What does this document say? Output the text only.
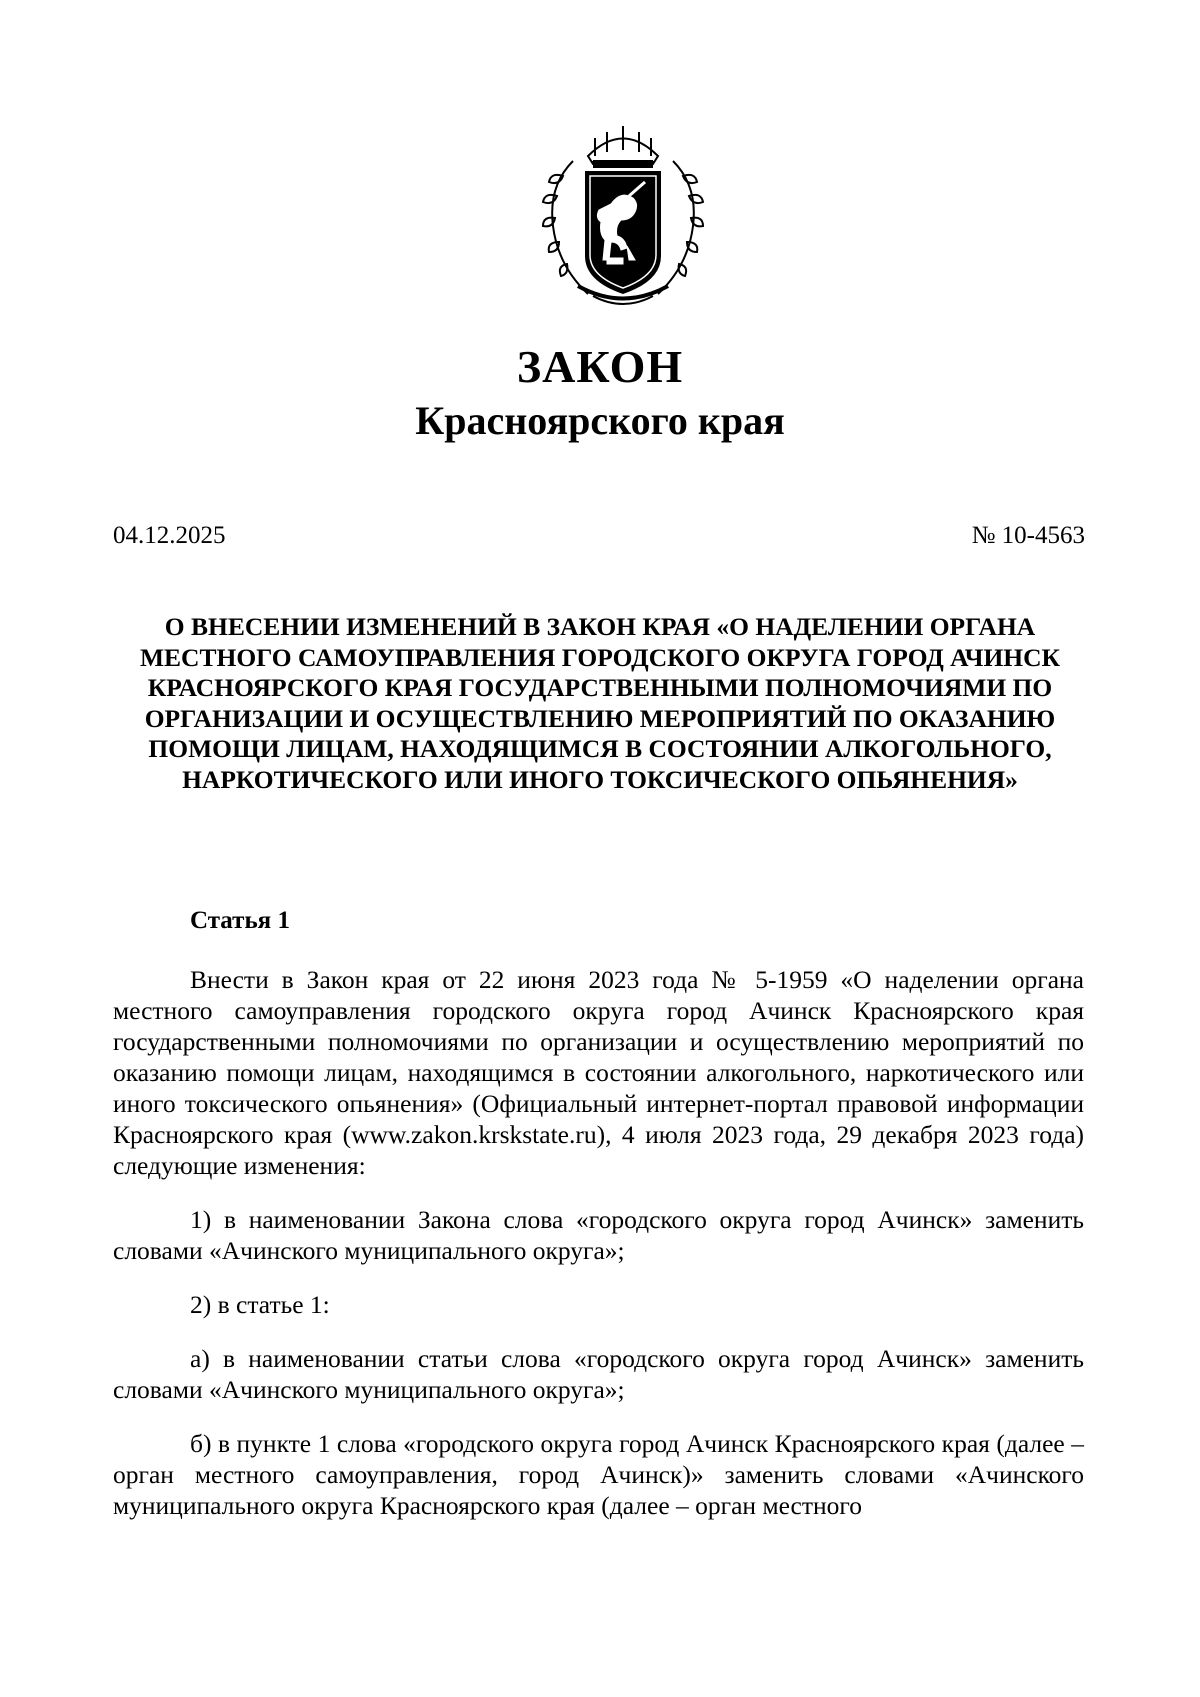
ЗАКОН
Красноярского края
04.12.2025	№ 10-4563
О ВНЕСЕНИИ ИЗМЕНЕНИЙ В ЗАКОН КРАЯ «О НАДЕЛЕНИИ ОРГАНА МЕСТНОГО САМОУПРАВЛЕНИЯ ГОРОДСКОГО ОКРУГА ГОРОД АЧИНСК КРАСНОЯРСКОГО КРАЯ ГОСУДАРСТВЕННЫМИ ПОЛНОМОЧИЯМИ ПО ОРГАНИЗАЦИИ И ОСУЩЕСТВЛЕНИЮ МЕРОПРИЯТИЙ ПО ОКАЗАНИЮ ПОМОЩИ ЛИЦАМ, НАХОДЯЩИМСЯ В СОСТОЯНИИ АЛКОГОЛЬНОГО, НАРКОТИЧЕСКОГО ИЛИ ИНОГО ТОКСИЧЕСКОГО ОПЬЯНЕНИЯ»
Статья 1

Внести в Закон края от 22 июня 2023 года № 5-1959 «О наделении органа местного самоуправления городского округа город Ачинск Красноярского края государственными полномочиями по организации и осуществлению мероприятий по оказанию помощи лицам, находящимся в состоянии алкогольного, наркотического или иного токсического опьянения» (Официальный интернет-портал правовой информации Красноярского края (www.zakon.krskstate.ru), 4 июля 2023 года, 29 декабря 2023 года) следующие изменения:

1) в наименовании Закона слова «городского округа город Ачинск» заменить словами «Ачинского муниципального округа»;

2) в статье 1:

а) в наименовании статьи слова «городского округа город Ачинск» заменить словами «Ачинского муниципального округа»;

б) в пункте 1 слова «городского округа город Ачинск Красноярского края (далее – орган местного самоуправления, город Ачинск)» заменить словами «Ачинского муниципального округа Красноярского края (далее – орган местного
